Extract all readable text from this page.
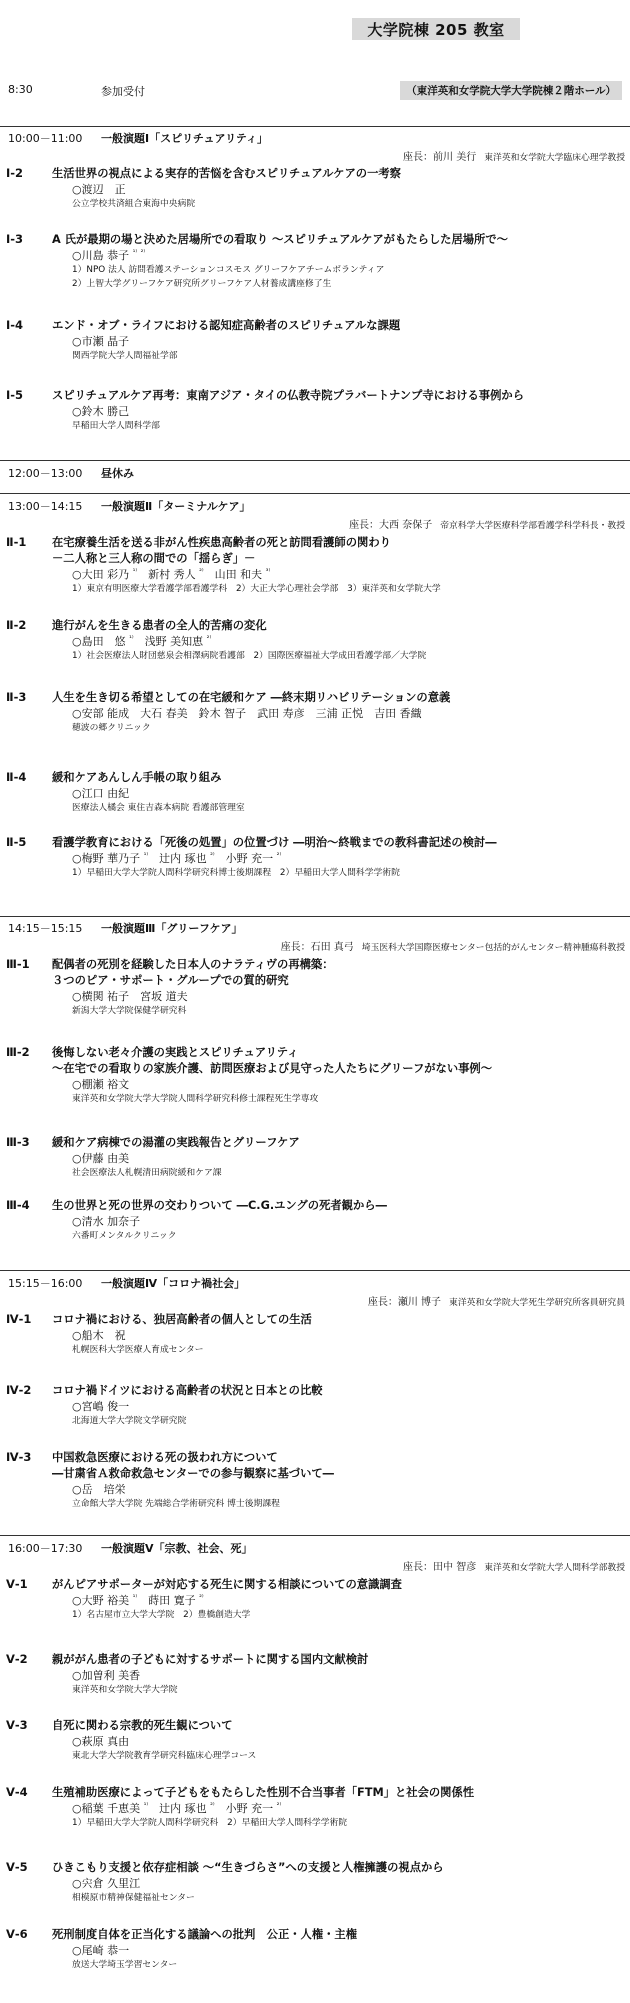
大学院棟 205 教室
8:30	参加受付	（東洋英和女学院大学大学院棟２階ホール）
10:00－11:00 一般演題Ⅰ「スピリチュアリティ」
座長：前川 美行 東洋英和女学院大学臨床心理学教授
Ⅰ-2	生活世界の視点による実存的苦悩を含むスピリチュアルケアの一考察
○渡辺　正
公立学校共済組合東海中央病院
Ⅰ-3	A 氏が最期の場と決めた居場所での看取り ～スピリチュアルケアがもたらした居場所で～
○川島 恭子 $^{^{1)}}$ $^{^{2)}}$
1）NPO 法人 訪問看護ステーションコスモス グリーフケアチームボランティア
2）上智大学グリーフケア研究所グリーフケア人材養成講座修了生
Ⅰ-4	エンド・オブ・ライフにおける認知症高齢者のスピリチュアルな課題
○市瀬 晶子
関西学院大学人間福祉学部
Ⅰ-5	スピリチュアルケア再考：東南アジア・タイの仏教寺院プラバートナンプ寺における事例から
○鈴木 勝己
早稲田大学人間科学部
12:00－13:00 昼休み
13:00－14:15 一般演題Ⅱ「ターミナルケア」
座長：大西 奈保子 帝京科学大学医療科学部看護学科学科長・教授
Ⅱ-1	在宅療養生活を送る非がん性疾患高齢者の死と訪問看護師の関わり
－二人称と三人称の間での「揺らぎ」－
○大田 彩乃 $^{^{1)}}$　新村 秀人 $^{^{2)}}$　山田 和夫 $^{^{3)}}$
1）東京有明医療大学看護学部看護学科　2）大正大学心理社会学部　3）東洋英和女学院大学
Ⅱ-2	進行がんを生きる患者の全人的苦痛の変化
○島田　悠 $^{^{1)}}$　浅野 美知恵 $^{^{2)}}$
1）社会医療法人財団慈泉会相澤病院看護部　2）国際医療福祉大学成田看護学部／大学院
Ⅱ-3	人生を生き切る希望としての在宅緩和ケア ―終末期リハビリテーションの意義
○安部 能成　大石 春美　鈴木 智子　武田 寿彦　三浦 正悦　吉田 香織
穂波の郷クリニック
Ⅱ-4	緩和ケアあんしん手帳の取り組み
○江口 由紀
医療法人橘会 東住吉森本病院 看護部管理室
Ⅱ-5	看護学教育における「死後の処置」の位置づけ ―明治～終戦までの教科書記述の検討―
○梅野 華乃子 $^{^{1)}}$　辻内 琢也 $^{^{2)}}$　小野 充一 $^{^{2)}}$
1）早稲田大学大学院人間科学研究科博士後期課程　2）早稲田大学人間科学学術院
14:15－15:15 一般演題Ⅲ「グリーフケア」
座長：石田 真弓 埼玉医科大学国際医療センター包括的がんセンター精神腫瘍科教授
Ⅲ-1	配偶者の死別を経験した日本人のナラティヴの再構築：
３つのピア・サポート・グループでの質的研究
○横関 祐子　宮坂 道夫
新潟大学大学院保健学研究科
Ⅲ-2	後悔しない老々介護の実践とスピリチュアリティ
～在宅での看取りの家族介護、訪問医療および見守った人たちにグリーフがない事例～
○棚瀬 裕文
東洋英和女学院大学大学院人間科学研究科修士課程死生学専攻
Ⅲ-3	緩和ケア病棟での湯灌の実践報告とグリーフケア
○伊藤 由美
社会医療法人札幌清田病院緩和ケア課
Ⅲ-4	生の世界と死の世界の交わりついて ―C.G.ユングの死者観から―
○清水 加奈子
六番町メンタルクリニック
15:15－16:00 一般演題Ⅳ「コロナ禍社会」
座長：瀬川 博子 東洋英和女学院大学死生学研究所客員研究員
Ⅳ-1	コロナ禍における、独居高齢者の個人としての生活
○船木　祝
札幌医科大学医療人育成センター
Ⅳ-2	コロナ禍ドイツにおける高齢者の状況と日本との比較
○宮嶋 俊一
北海道大学大学院文学研究院
Ⅳ-3	中国救急医療における死の扱われ方について
―甘粛省Ａ救命救急センターでの参与観察に基づいて―
○岳　培栄
立命館大学大学院 先端総合学術研究科 博士後期課程
16:00－17:30 一般演題Ⅴ「宗教、社会、死」
座長：田中 智彦 東洋英和女学院大学人間科学部教授
Ⅴ-1	がんピアサポーターが対応する死生に関する相談についての意識調査
○大野 裕美 $^{^{1)}}$　蒔田 寛子 $^{^{2)}}$
1）名古屋市立大学大学院　2）豊橋創造大学
Ⅴ-2	親ががん患者の子どもに対するサポートに関する国内文献検討
○加曽利 美香
東洋英和女学院大学大学院
Ⅴ-3	自死に関わる宗教的死生観について
○萩原 真由
東北大学大学院教育学研究科臨床心理学コース
Ⅴ-4	生殖補助医療によって子どもをもたらした性別不合当事者「FTM」と社会の関係性
○稲葉 千恵美 $^{^{1)}}$　辻内 琢也 $^{^{2)}}$　小野 充一 $^{^{2)}}$
1）早稲田大学大学院人間科学研究科　2）早稲田大学人間科学学術院
Ⅴ-5	ひきこもり支援と依存症相談 ～“生きづらさ”への支援と人権擁護の視点から
○宍倉 久里江
相模原市精神保健福祉センター
Ⅴ-6	死刑制度自体を正当化する議論への批判　公正・人権・主権
○尾崎 恭一
放送大学埼玉学習センター
